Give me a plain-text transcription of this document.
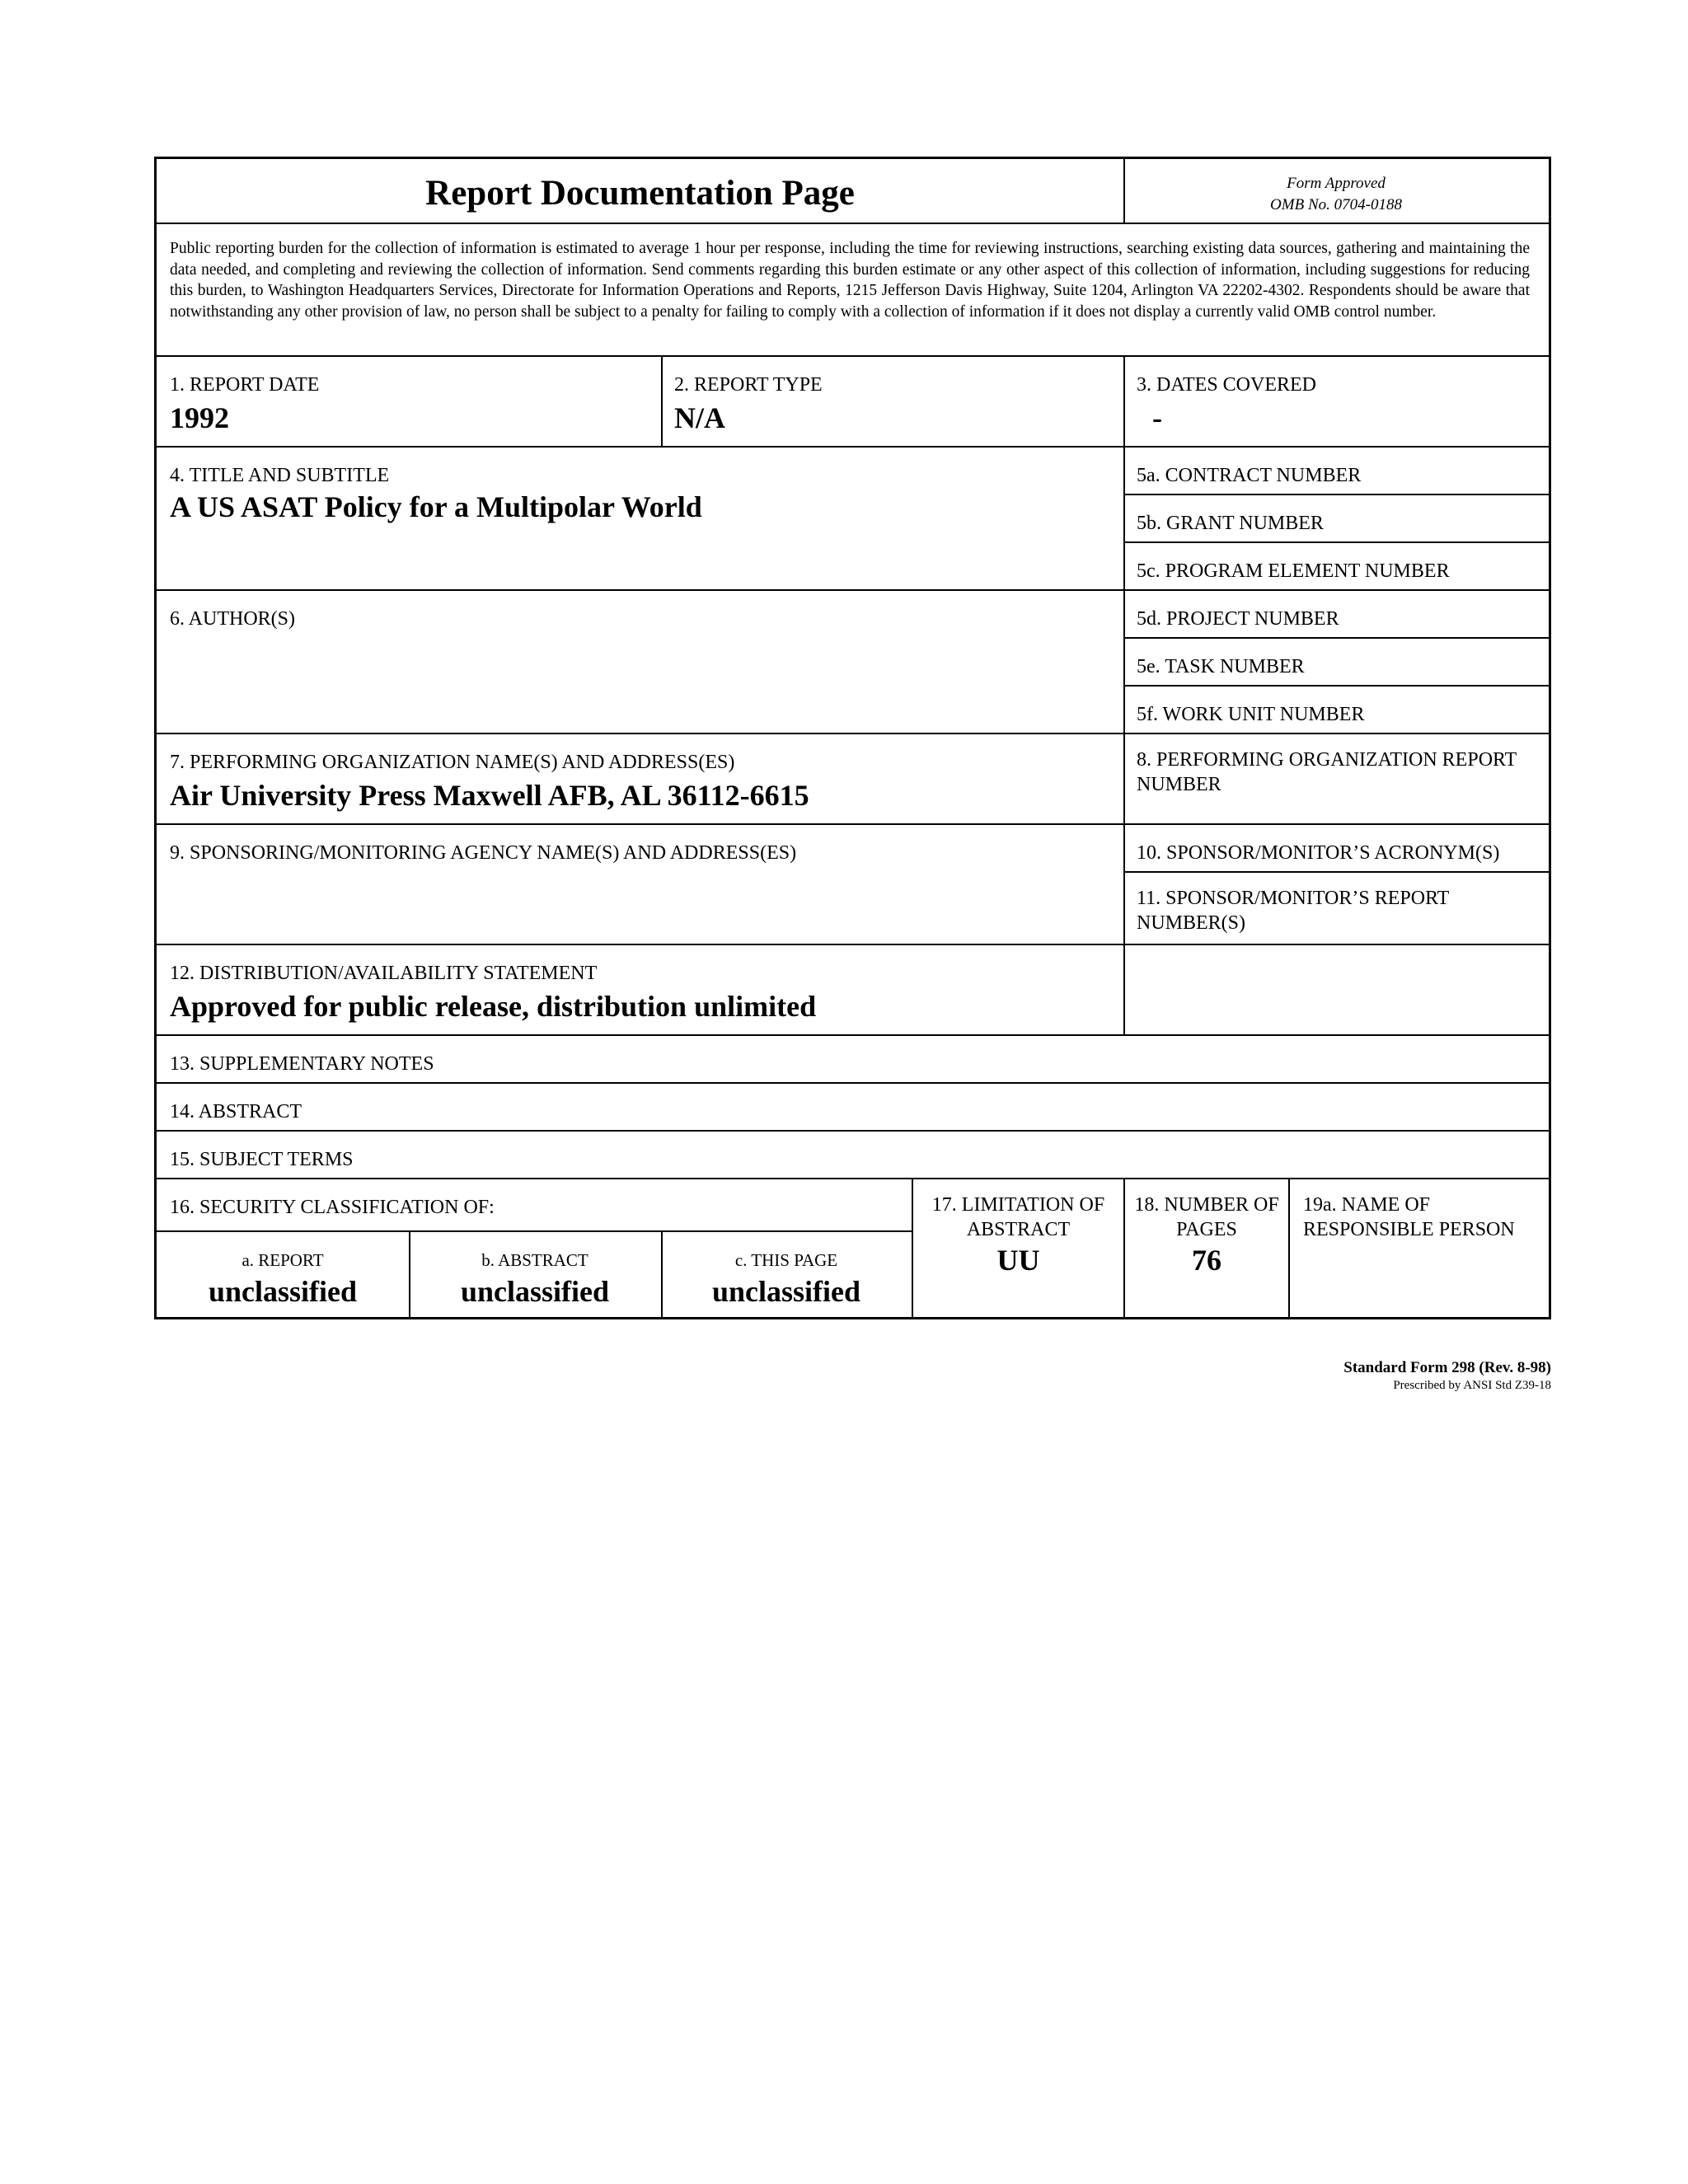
Report Documentation Page	Form Approved
OMB No. 0704-0188
Public reporting burden for the collection of information is estimated to average 1 hour per response, including the time for reviewing instructions, searching existing data sources, gathering and maintaining the data needed, and completing and reviewing the collection of information. Send comments regarding this burden estimate or any other aspect of this collection of information, including suggestions for reducing this burden, to Washington Headquarters Services, Directorate for Information Operations and Reports, 1215 Jefferson Davis Highway, Suite 1204, Arlington VA 22202-4302. Respondents should be aware that notwithstanding any other provision of law, no person shall be subject to a penalty for failing to comply with a collection of information if it does not display a currently valid OMB control number.
1. REPORT DATE
1992
2. REPORT TYPE
N/A
3. DATES COVERED
-
4. TITLE AND SUBTITLE
A US ASAT Policy for a Multipolar World
5a. CONTRACT NUMBER
5b. GRANT NUMBER
5c. PROGRAM ELEMENT NUMBER
6. AUTHOR(S)	5d. PROJECT NUMBER
5e. TASK NUMBER
5f. WORK UNIT NUMBER
7. PERFORMING ORGANIZATION NAME(S) AND ADDRESS(ES)
Air University Press Maxwell AFB, AL 36112-6615
8. PERFORMING ORGANIZATION REPORT NUMBER
9. SPONSORING/MONITORING AGENCY NAME(S) AND ADDRESS(ES)	10. SPONSOR/MONITOR’S ACRONYM(S)
11. SPONSOR/MONITOR’S REPORT NUMBER(S)
12. DISTRIBUTION/AVAILABILITY STATEMENT
Approved for public release, distribution unlimited
13. SUPPLEMENTARY NOTES
14. ABSTRACT
15. SUBJECT TERMS
16. SECURITY CLASSIFICATION OF:
a. REPORT
unclassified
b. ABSTRACT
unclassified
c. THIS PAGE
unclassified
17. LIMITATION OF ABSTRACT
UU
18. NUMBER OF PAGES
76
19a. NAME OF RESPONSIBLE PERSON
Standard Form 298 (Rev. 8-98)
Prescribed by ANSI Std Z39-18
